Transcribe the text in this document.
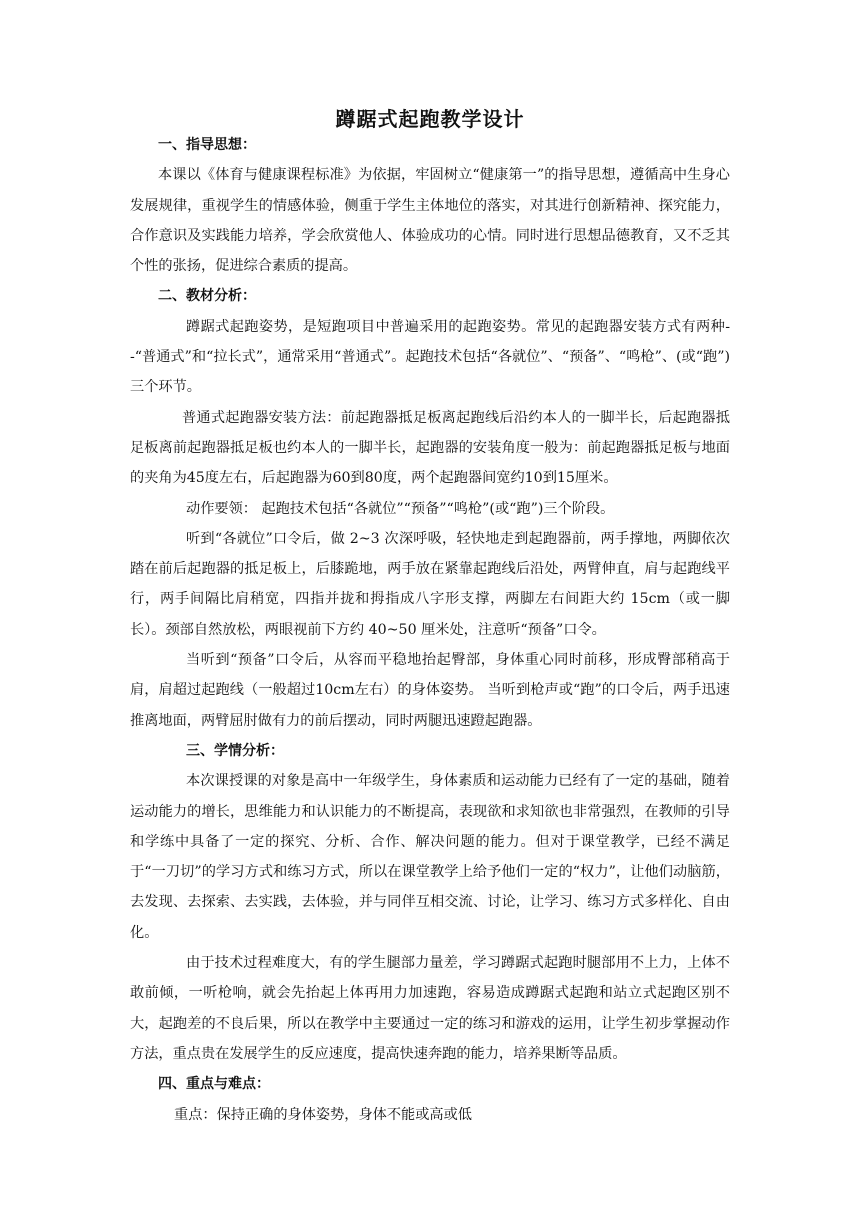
蹲踞式起跑教学设计

一、指导思想：

本课以《体育与健康课程标准》为依据，牢固树立“健康第一”的指导思想，遵循高中生身心发展规律，重视学生的情感体验，侧重于学生主体地位的落实，对其进行创新精神、探究能力，合作意识及实践能力培养，学会欣赏他人、体验成功的心情。同时进行思想品德教育，又不乏其个性的张扬，促进综合素质的提高。

二、教材分析：

蹲踞式起跑姿势，是短跑项目中普遍采用的起跑姿势。常见的起跑器安装方式有两种--“普通式”和“拉长式”，通常采用“普通式”。起跑技术包括“各就位”、“预备”、“鸣枪”、(或“跑”)三个环节。

普通式起跑器安装方法：前起跑器抵足板离起跑线后沿约本人的一脚半长，后起跑器抵足板离前起跑器抵足板也约本人的一脚半长，起跑器的安装角度一般为：前起跑器抵足板与地面的夹角为45度左右，后起跑器为60到80度，两个起跑器间宽约10到15厘米。

动作要领： 起跑技术包括“各就位”“预备”“鸣枪”(或“跑”)三个阶段。

听到“各就位”口令后，做 2~3 次深呼吸，轻快地走到起跑器前，两手撑地，两脚依次踏在前后起跑器的抵足板上，后膝跪地，两手放在紧靠起跑线后沿处，两臂伸直，肩与起跑线平行，两手间隔比肩稍宽，四指并拢和拇指成八字形支撑，两脚左右间距大约 15cm（或一脚长）。颈部自然放松，两眼视前下方约 40~50 厘米处，注意听“预备”口令。

当听到“预备”口令后，从容而平稳地抬起臀部，身体重心同时前移，形成臀部稍高于肩，肩超过起跑线（一般超过10cm左右）的身体姿势。 当听到枪声或“跑”的口令后，两手迅速推离地面，两臂屈肘做有力的前后摆动，同时两腿迅速蹬起跑器。

三、学情分析：

本次课授课的对象是高中一年级学生，身体素质和运动能力已经有了一定的基础，随着运动能力的增长，思维能力和认识能力的不断提高，表现欲和求知欲也非常强烈，在教师的引导和学练中具备了一定的探究、分析、合作、解决问题的能力。但对于课堂教学，已经不满足于“一刀切”的学习方式和练习方式，所以在课堂教学上给予他们一定的“权力”，让他们动脑筋，去发现、去探索、去实践，去体验，并与同伴互相交流、讨论，让学习、练习方式多样化、自由化。

由于技术过程难度大，有的学生腿部力量差，学习蹲踞式起跑时腿部用不上力，上体不敢前倾，一听枪响，就会先抬起上体再用力加速跑，容易造成蹲踞式起跑和站立式起跑区别不大，起跑差的不良后果，所以在教学中主要通过一定的练习和游戏的运用，让学生初步掌握动作方法，重点贵在发展学生的反应速度，提高快速奔跑的能力，培养果断等品质。

四、重点与难点：

重点：保持正确的身体姿势，身体不能或高或低
